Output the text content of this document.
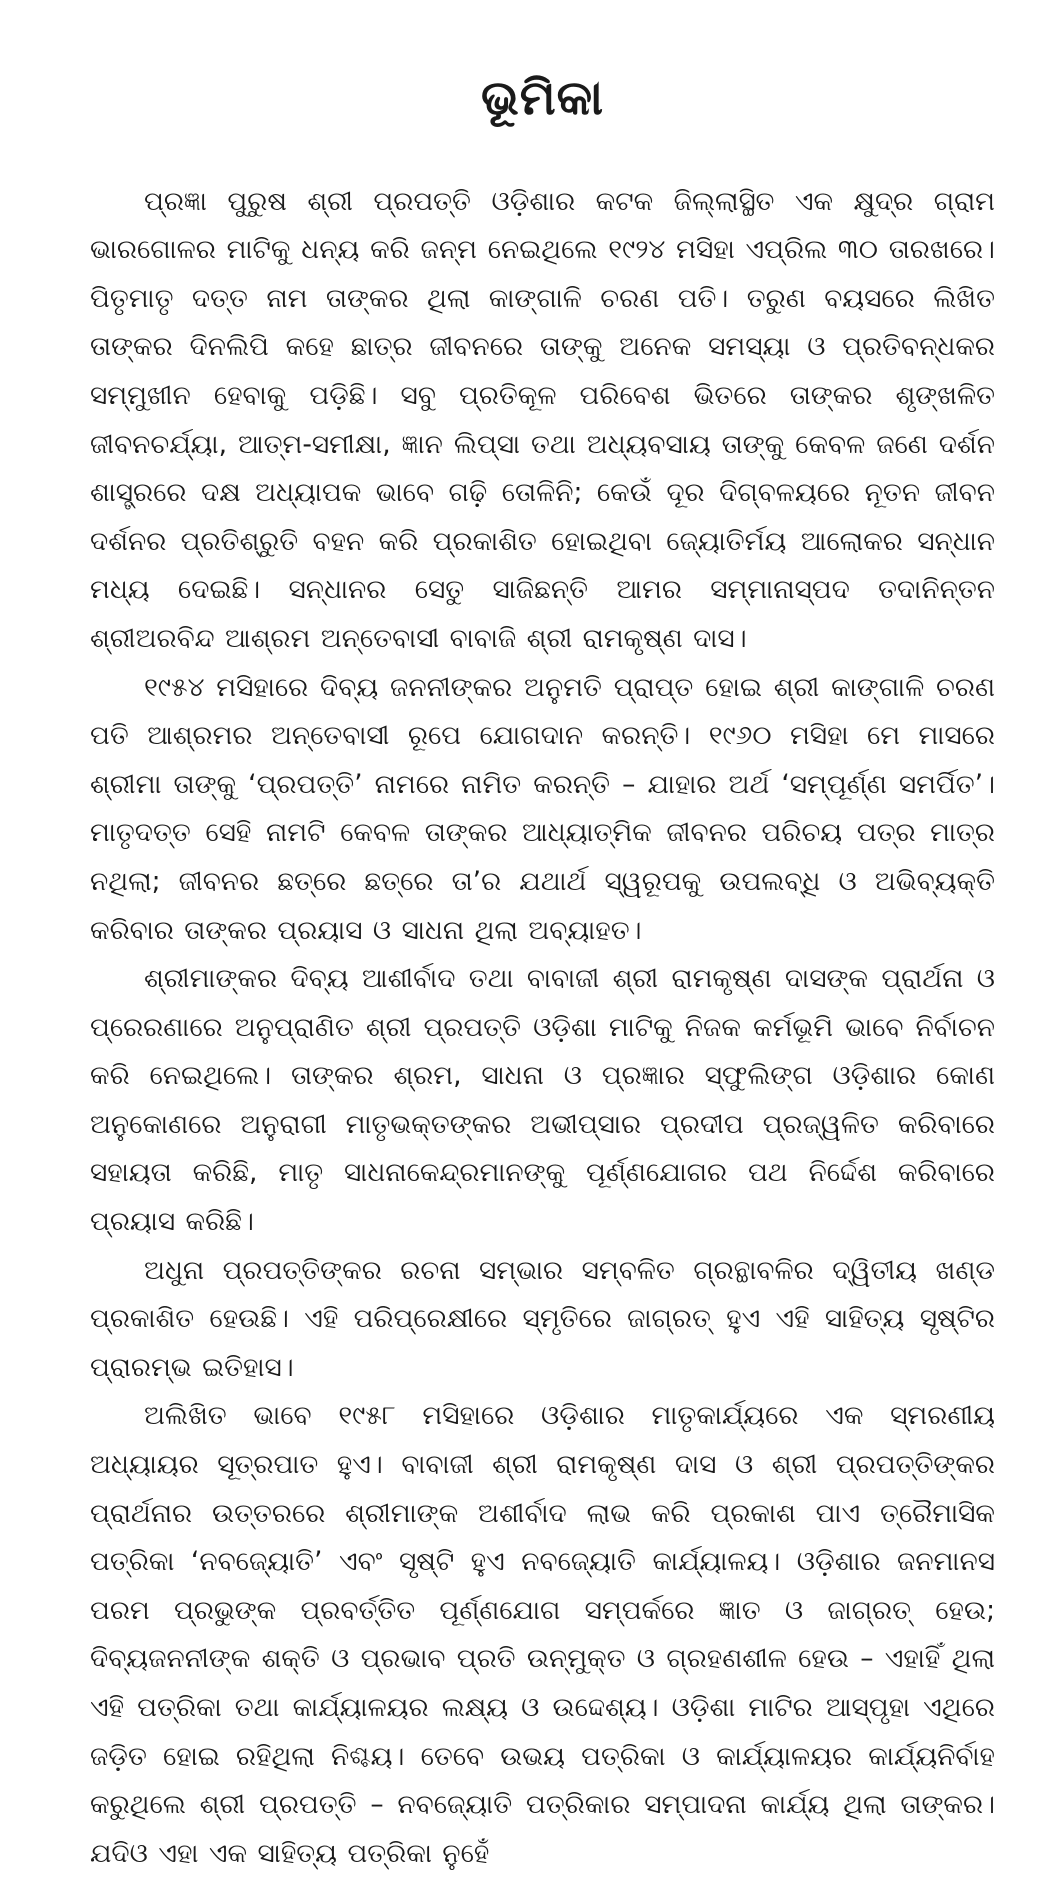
ଭୂମିକା

ପ୍ରଜ୍ଞା ପୁରୁଷ ଶ୍ରୀ ପ୍ରପତ୍ତି ଓଡ଼ିଶାର କଟକ ଜିଲ୍ଲାସ୍ଥିତ ଏକ କ୍ଷୁଦ୍ର ଗ୍ରାମ ଭାରଗୋଳର ମାଟିକୁ ଧନ୍ୟ କରି ଜନ୍ମ ନେଇଥିଲେ ୧୯୨୪ ମସିହା ଏପ୍ରିଲ ୩୦ ତାରଖରେ। ପିତୃମାତୃ ଦତ୍ତ ନାମ ତାଙ୍କର ଥିଲା କାଙ୍ଗାଳି ଚରଣ ପତି। ତରୁଣ ବୟସରେ ଲିଖିତ ତାଙ୍କର ଦିନଲିପି କହେ ଛାତ୍ର ଜୀବନରେ ତାଙ୍କୁ ଅନେକ ସମସ୍ୟା ଓ ପ୍ରତିବନ୍ଧକର ସମ୍ମୁଖୀନ ହେବାକୁ ପଡ଼ିଛି। ସବୁ ପ୍ରତିକୂଳ ପରିବେଶ ଭିତରେ ତାଙ୍କର ଶୃଙ୍ଖଳିତ ଜୀବନଚର୍ଯ୍ୟା, ଆତ୍ମ-ସମୀକ୍ଷା, ଜ୍ଞାନ ଲିପ୍‌ସା ତଥା ଅଧ୍ୟବସାୟ ତାଙ୍କୁ କେବଳ ଜଣେ ଦର୍ଶନ ଶାସ୍ତ୍ରରେ ଦକ୍ଷ ଅଧ୍ୟାପକ ଭାବେ ଗଢ଼ି ତୋଳିନି; କେଉଁ ଦୂର ଦିଗ୍‌ବଳୟରେ ନୂତନ ଜୀବନ ଦର୍ଶନର ପ୍ରତିଶ୍ରୁତି ବହନ କରି ପ୍ରକାଶିତ ହୋଇଥିବା ଜ୍ୟୋତିର୍ମୟ ଆଲୋକର ସନ୍ଧାନ ମଧ୍ୟ ଦେଇଛି। ସନ୍ଧାନର ସେତୁ ସାଜିଛନ୍ତି ଆମର ସମ୍ମାନାସ୍ପଦ ତଦାନିନ୍ତନ ଶ୍ରୀଅରବିନ୍ଦ ଆଶ୍ରମ ଅନ୍ତେବାସୀ ବାବାଜି ଶ୍ରୀ ରାମକୃଷ୍ଣ ଦାସ।

୧୯୫୪ ମସିହାରେ ଦିବ୍ୟ ଜନନୀଙ୍କର ଅନୁମତି ପ୍ରାପ୍ତ ହୋଇ ଶ୍ରୀ କାଙ୍ଗାଳି ଚରଣ ପତି ଆଶ୍ରମର ଅନ୍ତେବାସୀ ରୂପେ ଯୋଗଦାନ କରନ୍ତି। ୧୯୬୦ ମସିହା ମେ ମାସରେ ଶ୍ରୀମା ତାଙ୍କୁ ‘ପ୍ରପତ୍ତି’ ନାମରେ ନାମିତ କରନ୍ତି – ଯାହାର ଅର୍ଥ ‘ସମ୍ପୂର୍ଣ୍ଣ ସମର୍ପିତ’। ମାତୃଦତ୍ତ ସେହି ନାମଟି କେବଳ ତାଙ୍କର ଆଧ୍ୟାତ୍ମିକ ଜୀବନର ପରିଚୟ ପତ୍ର ମାତ୍ର ନଥିଲା; ଜୀବନର ଛତ୍ରେ ଛତ୍ରେ ତା’ର ଯଥାର୍ଥ ସ୍ୱରୂପକୁ ଉପଲବ୍ଧି ଓ ଅଭିବ୍ୟକ୍ତି କରିବାର ତାଙ୍କର ପ୍ରୟାସ ଓ ସାଧନା ଥିଲା ଅବ୍ୟାହତ।

ଶ୍ରୀମାଙ୍କର ଦିବ୍ୟ ଆଶୀର୍ବାଦ ତଥା ବାବାଜୀ ଶ୍ରୀ ରାମକୃଷ୍ଣ ଦାସଙ୍କ ପ୍ରାର୍ଥନା ଓ ପ୍ରେରଣାରେ ଅନୁପ୍ରାଣିତ ଶ୍ରୀ ପ୍ରପତ୍ତି ଓଡ଼ିଶା ମାଟିକୁ ନିଜକ କର୍ମଭୂମି ଭାବେ ନିର୍ବାଚନ କରି ନେଇଥିଲେ। ତାଙ୍କର ଶ୍ରମ, ସାଧନା ଓ ପ୍ରଜ୍ଞାର ସ୍ଫୁଲିଙ୍ଗ ଓଡ଼ିଶାର କୋଣ ଅନୁକୋଣରେ ଅନୁରାଗୀ ମାତୃଭକ୍ତଙ୍କର ଅଭୀପ୍‌ସାର ପ୍ରଦୀପ ପ୍ରଜ୍ୱଳିତ କରିବାରେ ସହାୟତା କରିଛି, ମାତୃ ସାଧନାକେନ୍ଦ୍ରମାନଙ୍କୁ ପୂର୍ଣ୍ଣଯୋଗର ପଥ ନିର୍ଦ୍ଦେଶ କରିବାରେ ପ୍ରୟାସ କରିଛି।

ଅଧୁନା ପ୍ରପତ୍ତିଙ୍କର ରଚନା ସମ୍ଭାର ସମ୍ବଳିତ ଗ୍ରନ୍ଥାବଳିର ଦ୍ୱିତୀୟ ଖଣ୍ଡ ପ୍ରକାଶିତ ହେଉଛି। ଏହି ପରିପ୍ରେକ୍ଷୀରେ ସ୍ମୃତିରେ ଜାଗ୍ରତ୍ ହୁଏ ଏହି ସାହିତ୍ୟ ସୃଷ୍ଟିର ପ୍ରାରମ୍ଭ ଇତିହାସ।

ଅଲିଖିତ ଭାବେ ୧୯୫୮ ମସିହାରେ ଓଡ଼ିଶାର ମାତୃକାର୍ଯ୍ୟରେ ଏକ ସ୍ମରଣୀୟ ଅଧ୍ୟାୟର ସୂତ୍ରପାତ ହୁଏ। ବାବାଜୀ ଶ୍ରୀ ରାମକୃଷ୍ଣ ଦାସ ଓ ଶ୍ରୀ ପ୍ରପତ୍ତିଙ୍କର ପ୍ରାର୍ଥନାର ଉତ୍ତରରେ ଶ୍ରୀମାଙ୍କ ଅଶୀର୍ବାଦ ଲାଭ କରି ପ୍ରକାଶ ପାଏ ତ୍ରୈମାସିକ ପତ୍ରିକା ‘ନବଜ୍ୟୋତି’ ଏବଂ ସୃଷ୍ଟି ହୁଏ ନବଜ୍ୟୋତି କାର୍ଯ୍ୟାଳୟ। ଓଡ଼ିଶାର ଜନମାନସ ପରମ ପ୍ରଭୁଙ୍କ ପ୍ରବର୍ତ୍ତିତ ପୂର୍ଣ୍ଣଯୋଗ ସମ୍ପର୍କରେ ଜ୍ଞାତ ଓ ଜାଗ୍ରତ୍ ହେଉ; ଦିବ୍ୟଜନନୀଙ୍କ ଶକ୍ତି ଓ ପ୍ରଭାବ ପ୍ରତି ଉନ୍ମୁକ୍ତ ଓ ଗ୍ରହଣଶୀଳ ହେଉ – ଏହାହିଁ ଥିଲା ଏହି ପତ୍ରିକା ତଥା କାର୍ଯ୍ୟାଳୟର ଲକ୍ଷ୍ୟ ଓ ଉଦ୍ଦେଶ୍ୟ। ଓଡ଼ିଶା ମାଟିର ଆସ୍ପୃହା ଏଥିରେ ଜଡ଼ିତ ହୋଇ ରହିଥିଲା ନିଶ୍ଚୟ। ତେବେ ଉଭୟ ପତ୍ରିକା ଓ କାର୍ଯ୍ୟାଳୟର କାର୍ଯ୍ୟନିର୍ବାହ କରୁଥିଲେ ଶ୍ରୀ ପ୍ରପତ୍ତି – ନବଜ୍ୟୋତି ପତ୍ରିକାର ସମ୍ପାଦନା କାର୍ଯ୍ୟ ଥିଲା ତାଙ୍କର। ଯଦିଓ ଏହା ଏକ ସାହିତ୍ୟ ପତ୍ରିକା ନୁହେଁ
